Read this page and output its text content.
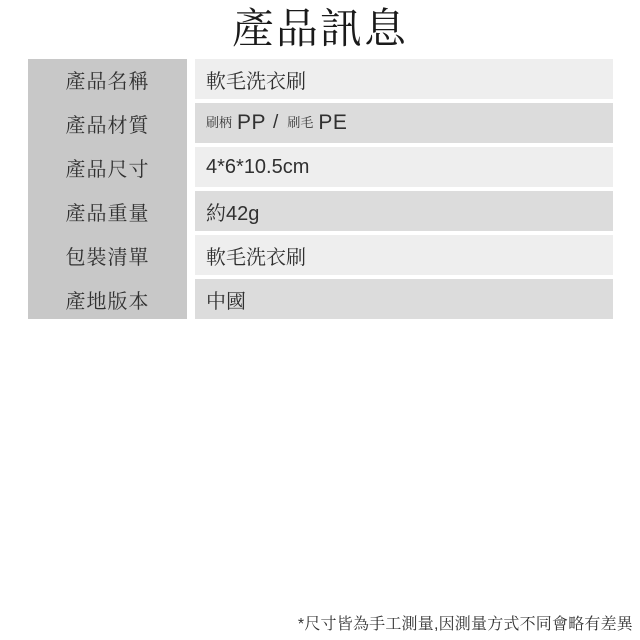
產品訊息
產品名稱
產品材質
產品尺寸
產品重量
包裝清單
產地版本
軟毛洗衣刷
刷柄 PP / 刷毛 PE
4*6*10.5cm
約42g
軟毛洗衣刷
中國
*尺寸皆為手工測量,因測量方式不同會略有差異
